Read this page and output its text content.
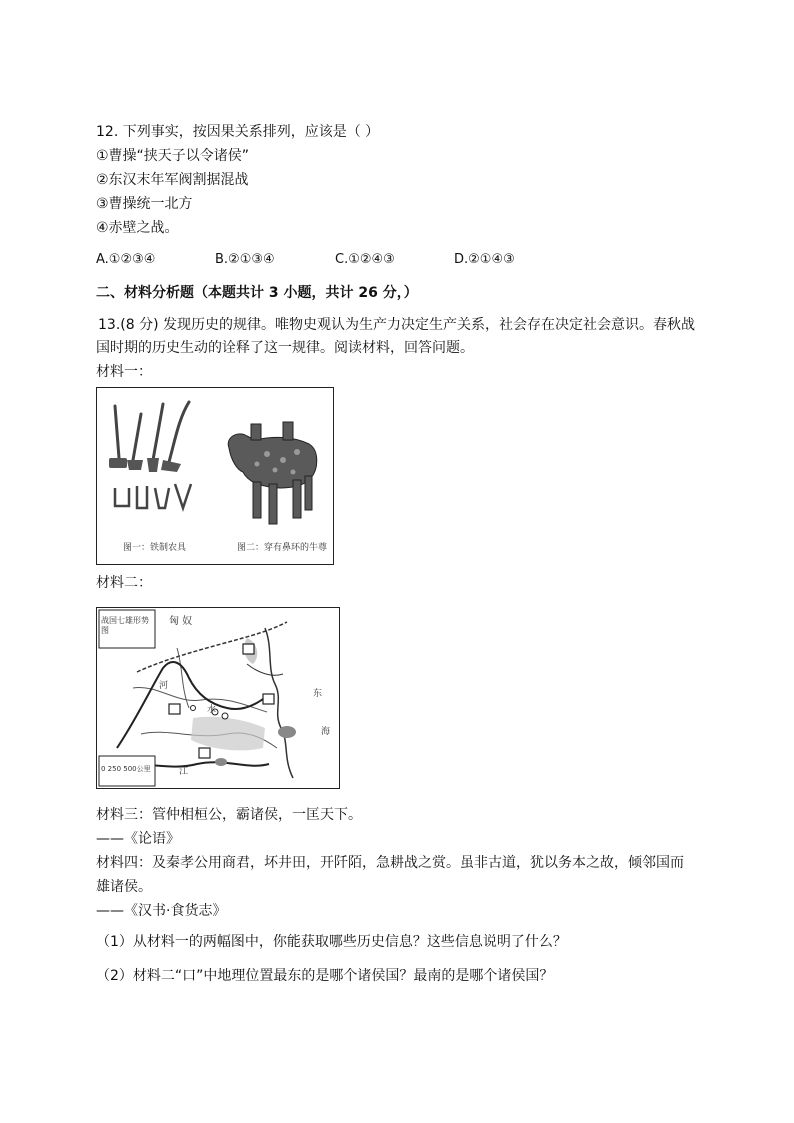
12. 下列事实，按因果关系排列，应该是（ ）
①曹操“挟天子以令诸侯”
②东汉末年军阀割据混战
③曹操统一北方
④赤壁之战。
A.①②③④	B.②①③④	C.①②④③	D.②①④③
二、材料分析题（本题共计 3 小题，共计 26 分，）
13.(8 分) 发现历史的规律。唯物史观认为生产力决定生产关系，社会存在决定社会意识。春秋战
国时期的历史生动的诠释了这一规律。阅读材料，回答问题。
材料一：
图一：铁制农具	图二：穿有鼻环的牛尊
材料二：
战国七雄形势图
匈 奴
东
海
水
河
江
0 250 500公里
材料三：管仲相桓公，霸诸侯，一匡天下。
——《论语》
材料四：及秦孝公用商君，坏井田，开阡陌，急耕战之赏。虽非古道，犹以务本之故，倾邻国而
雄诸侯。
——《汉书·食货志》
（1）从材料一的两幅图中，你能获取哪些历史信息？这些信息说明了什么？
（2）材料二“口”中地理位置最东的是哪个诸侯国？最南的是哪个诸侯国？
